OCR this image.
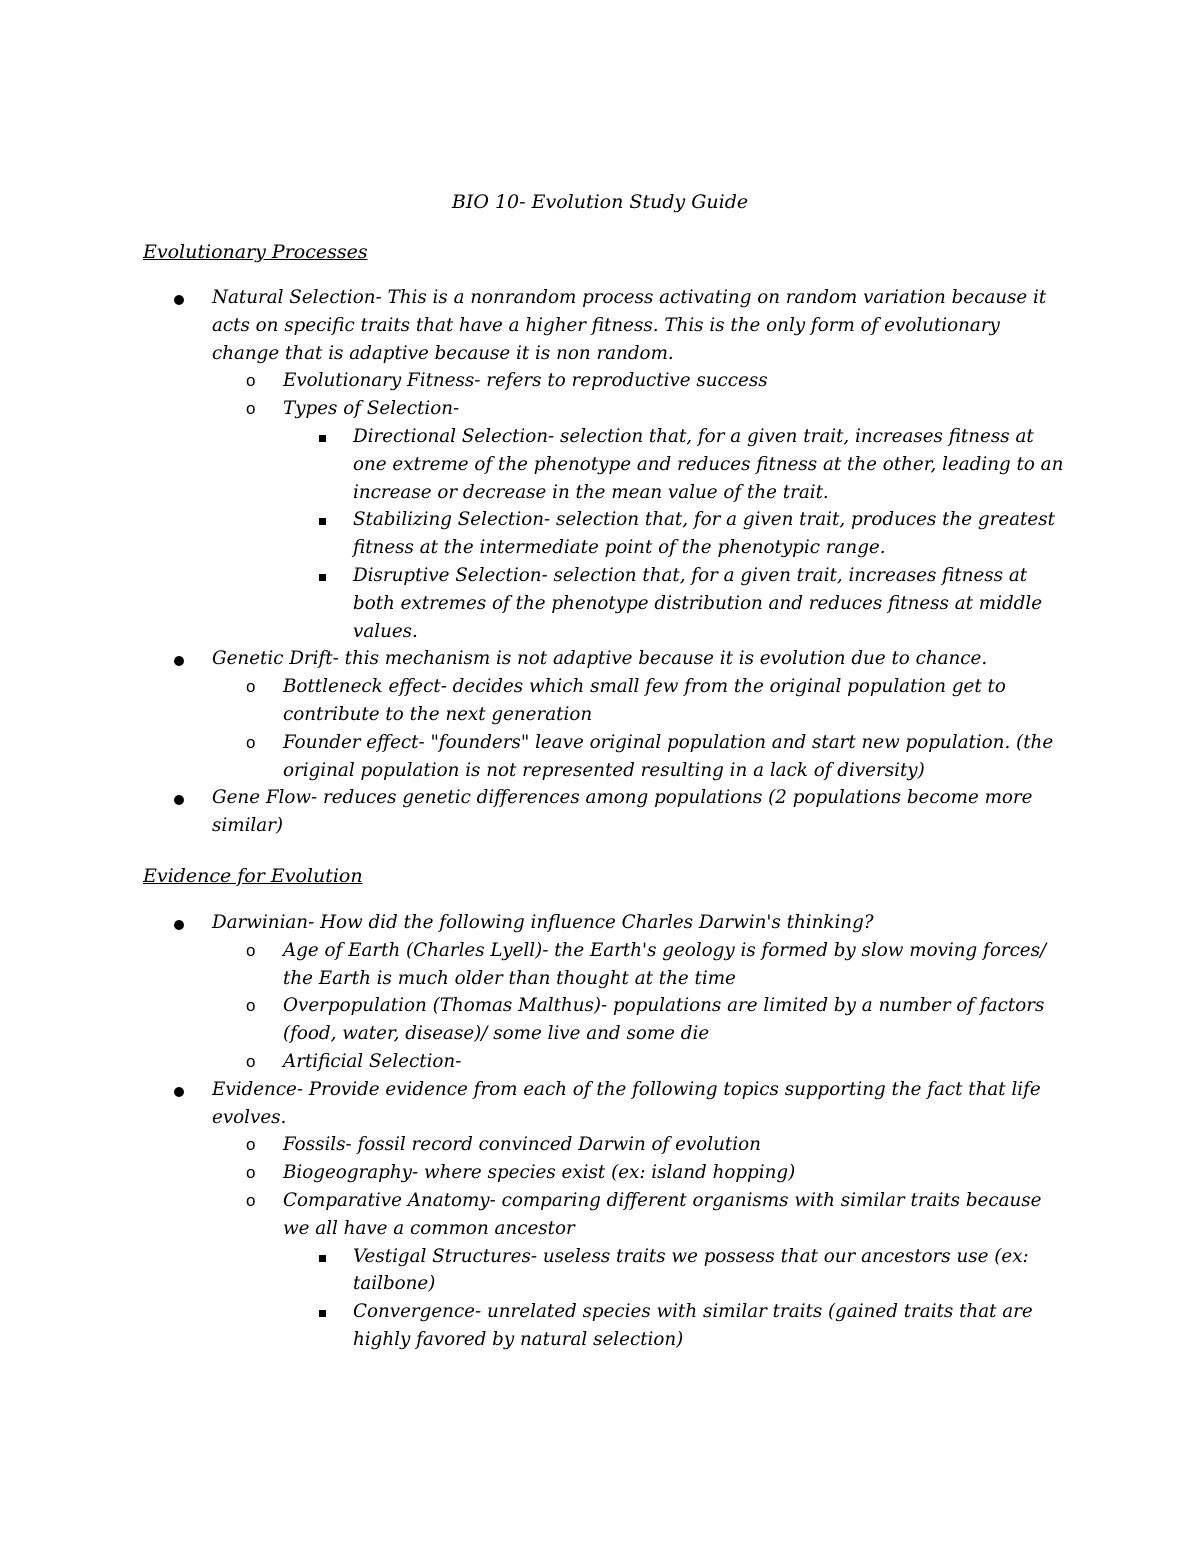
BIO 10- Evolution Study Guide
Evolutionary Processes
Natural Selection- This is a nonrandom process activating on random variation because it acts on specific traits that have a higher fitness. This is the only form of evolutionary change that is adaptive because it is non random.
o Evolutionary Fitness- refers to reproductive success
o Types of Selection-
Directional Selection- selection that, for a given trait, increases fitness at one extreme of the phenotype and reduces fitness at the other, leading to an increase or decrease in the mean value of the trait.
Stabilizing Selection- selection that, for a given trait, produces the greatest fitness at the intermediate point of the phenotypic range.
Disruptive Selection- selection that, for a given trait, increases fitness at both extremes of the phenotype distribution and reduces fitness at middle values.
Genetic Drift- this mechanism is not adaptive because it is evolution due to chance.
o Bottleneck effect- decides which small few from the original population get to contribute to the next generation
o Founder effect- "founders" leave original population and start new population. (the original population is not represented resulting in a lack of diversity)
Gene Flow- reduces genetic differences among populations (2 populations become more similar)
Evidence for Evolution
Darwinian- How did the following influence Charles Darwin's thinking?
o Age of Earth (Charles Lyell)- the Earth's geology is formed by slow moving forces/ the Earth is much older than thought at the time
o Overpopulation (Thomas Malthus)- populations are limited by a number of factors (food, water, disease)/ some live and some die
o Artificial Selection-
Evidence- Provide evidence from each of the following topics supporting the fact that life evolves.
o Fossils- fossil record convinced Darwin of evolution
o Biogeography- where species exist (ex: island hopping)
o Comparative Anatomy- comparing different organisms with similar traits because we all have a common ancestor
Vestigal Structures- useless traits we possess that our ancestors use (ex: tailbone)
Convergence- unrelated species with similar traits (gained traits that are highly favored by natural selection)
